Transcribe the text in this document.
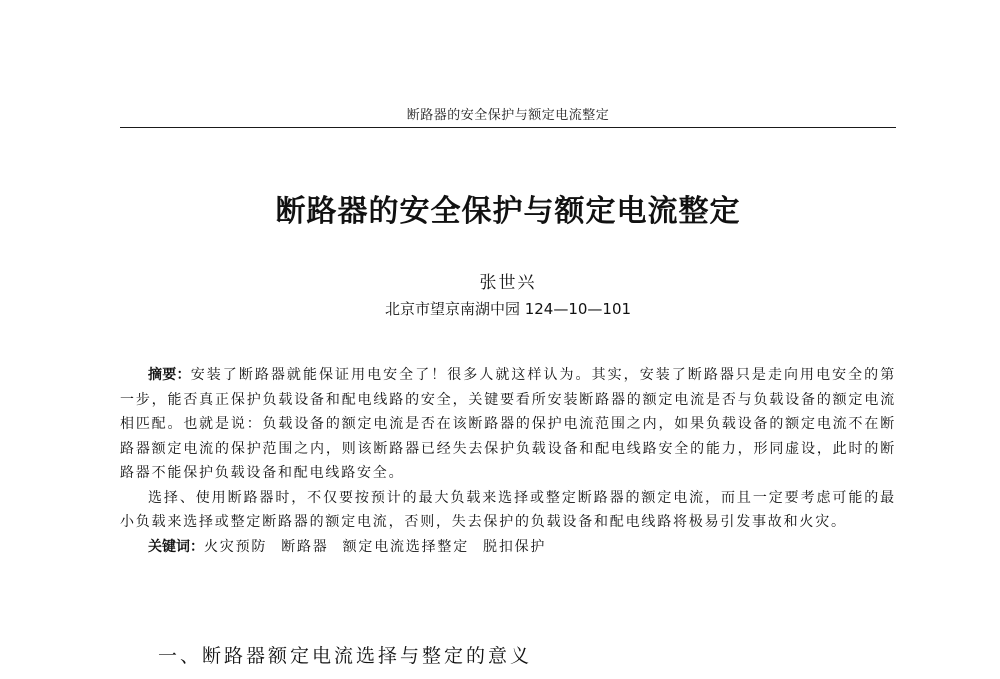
断路器的安全保护与额定电流整定
断路器的安全保护与额定电流整定
张世兴
北京市望京南湖中园 124—10—101

摘要：安装了断路器就能保证用电安全了！很多人就这样认为。其实，安装了断路器只是走向用电安全的第一步，能否真正保护负载设备和配电线路的安全，关键要看所安装断路器的额定电流是否与负载设备的额定电流相匹配。也就是说：负载设备的额定电流是否在该断路器的保护电流范围之内，如果负载设备的额定电流不在断路器额定电流的保护范围之内，则该断路器已经失去保护负载设备和配电线路安全的能力，形同虚设，此时的断路器不能保护负载设备和配电线路安全。

选择、使用断路器时，不仅要按预计的最大负载来选择或整定断路器的额定电流，而且一定要考虑可能的最小负载来选择或整定断路器的额定电流，否则，失去保护的负载设备和配电线路将极易引发事故和火灾。

关键词：火灾预防 断路器 额定电流选择整定 脱扣保护

一、断路器额定电流选择与整定的意义
